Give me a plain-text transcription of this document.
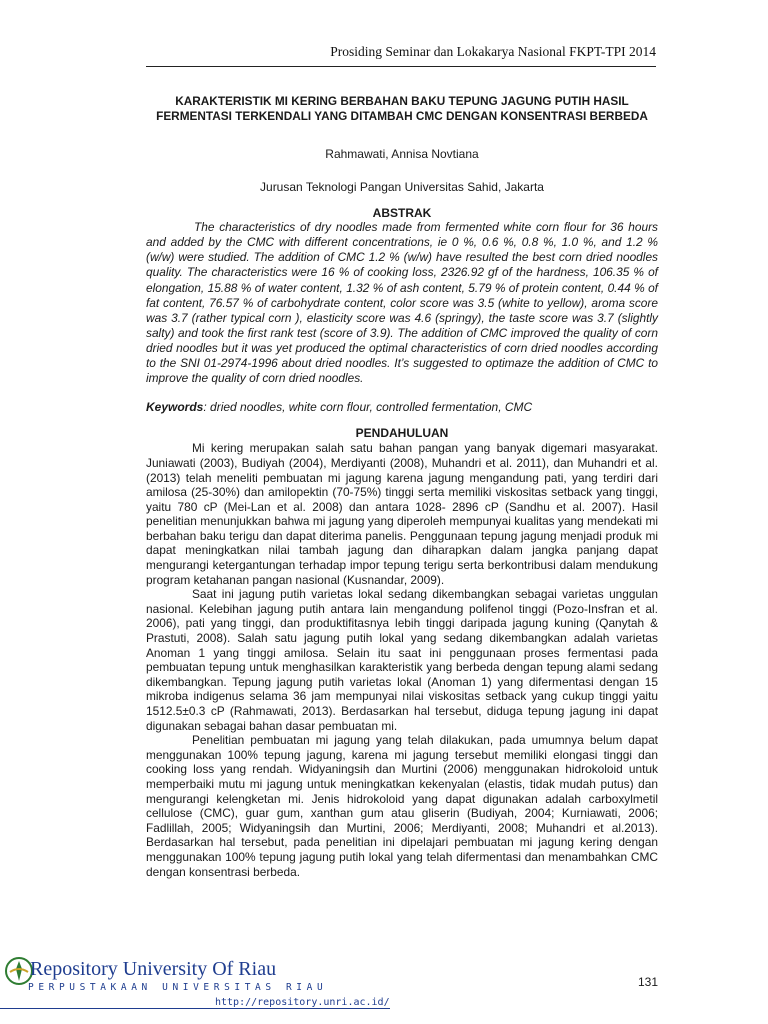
Prosiding Seminar dan Lokakarya Nasional FKPT-TPI 2014

KARAKTERISTIK MI KERING BERBAHAN BAKU TEPUNG JAGUNG PUTIH HASIL FERMENTASI TERKENDALI YANG DITAMBAH CMC DENGAN KONSENTRASI BERBEDA

Rahmawati, Annisa Novtiana

Jurusan Teknologi Pangan Universitas Sahid, Jakarta

ABSTRAK

The characteristics of dry noodles made from fermented white corn flour for 36 hours and added by the CMC with different concentrations, ie 0 %, 0.6 %, 0.8 %, 1.0 %, and 1.2 % (w/w) were studied. The addition of CMC 1.2 % (w/w) have resulted the best corn dried noodles quality. The characteristics were 16 % of cooking loss, 2326.92 gf of the hardness, 106.35 % of elongation, 15.88 % of water content, 1.32 % of ash content, 5.79 % of protein content, 0.44 % of fat content, 76.57 % of carbohydrate content, color score was 3.5 (white to yellow), aroma score was 3.7 (rather typical corn ), elasticity score was 4.6 (springy), the taste score was 3.7 (slightly salty) and took the first rank test (score of 3.9). The addition of CMC improved the quality of corn dried noodles but it was yet produced the optimal characteristics of corn dried noodles according to the SNI 01-2974-1996 about dried noodles. It’s suggested to optimaze the addition of CMC to improve the quality of corn dried noodles.

Keywords: dried noodles, white corn flour, controlled fermentation, CMC

PENDAHULUAN

Mi kering merupakan salah satu bahan pangan yang banyak digemari masyarakat. Juniawati (2003), Budiyah (2004), Merdiyanti (2008), Muhandri et al. 2011), dan Muhandri et al. (2013) telah meneliti pembuatan mi jagung karena jagung mengandung pati, yang terdiri dari amilosa (25-30%) dan amilopektin (70-75%) tinggi serta memiliki viskositas setback yang tinggi, yaitu 780 cP (Mei-Lan et al. 2008) dan antara 1028- 2896 cP (Sandhu et al. 2007). Hasil penelitian menunjukkan bahwa mi jagung yang diperoleh mempunyai kualitas yang mendekati mi berbahan baku terigu dan dapat diterima panelis. Penggunaan tepung jagung menjadi produk mi dapat meningkatkan nilai tambah jagung dan diharapkan dalam jangka panjang dapat mengurangi ketergantungan terhadap impor tepung terigu serta berkontribusi dalam mendukung program ketahanan pangan nasional (Kusnandar, 2009).

Saat ini jagung putih varietas lokal sedang dikembangkan sebagai varietas unggulan nasional. Kelebihan jagung putih antara lain mengandung polifenol tinggi (Pozo-Insfran et al. 2006), pati yang tinggi, dan produktifitasnya lebih tinggi daripada jagung kuning (Qanytah & Prastuti, 2008). Salah satu jagung putih lokal yang sedang dikembangkan adalah varietas Anoman 1 yang tinggi amilosa. Selain itu saat ini penggunaan proses fermentasi pada pembuatan tepung untuk menghasilkan karakteristik yang berbeda dengan tepung alami sedang dikembangkan. Tepung jagung putih varietas lokal (Anoman 1) yang difermentasi dengan 15 mikroba indigenus selama 36 jam mempunyai nilai viskositas setback yang cukup tinggi yaitu 1512.5±0.3 cP (Rahmawati, 2013). Berdasarkan hal tersebut, diduga tepung jagung ini dapat digunakan sebagai bahan dasar pembuatan mi.

Penelitian pembuatan mi jagung yang telah dilakukan, pada umumnya belum dapat menggunakan 100% tepung jagung, karena mi jagung tersebut memiliki elongasi tinggi dan cooking loss yang rendah. Widyaningsih dan Murtini (2006) menggunakan hidrokoloid untuk memperbaiki mutu mi jagung untuk meningkatkan kekenyalan (elastis, tidak mudah putus) dan mengurangi kelengketan mi. Jenis hidrokoloid yang dapat digunakan adalah carboxylmetil cellulose (CMC), guar gum, xanthan gum atau gliserin (Budiyah, 2004; Kurniawati, 2006; Fadlillah, 2005; Widyaningsih dan Murtini, 2006; Merdiyanti, 2008; Muhandri et al.2013). Berdasarkan hal tersebut, pada penelitian ini dipelajari pembuatan mi jagung kering dengan menggunakan 100% tepung jagung putih lokal yang telah difermentasi dan menambahkan CMC dengan konsentrasi berbeda.

Repository University Of Riau
PERPUSTAKAAN UNIVERSITAS RIAU
http://repository.unri.ac.id/
131
